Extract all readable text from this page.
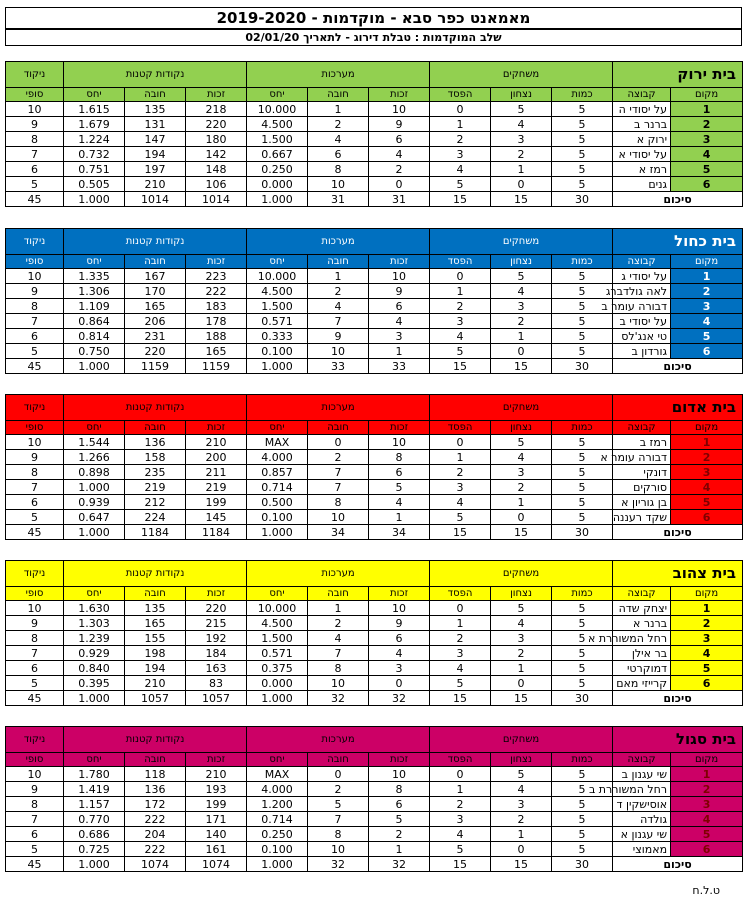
מאמאנט כפר סבא - מוקדמות - 2019-2020
שלב המוקדמות : טבלת דירוג - לתאריך 02/01/20
ניקוד	נקודות קטנות			מערכות			משחקים			בית ירוק	
סופי	יחס	חובה	זכות	יחס	חובה	זכות	הפסד	נצחון	כמות	קבוצה	מקום
10	1.615	135	218	10.000	1	10	0	5	5	על יסודי ה	1
9	1.679	131	220	4.500	2	9	1	4	5	ברנר ב	2
8	1.224	147	180	1.500	4	6	2	3	5	ירוק א	3
7	0.732	194	142	0.667	6	4	3	2	5	על יסודי א	4
6	0.751	197	148	0.250	8	2	4	1	5	רמז א	5
5	0.505	210	106	0.000	10	0	5	0	5	גנים	6
45	1.000	1014	1014	1.000	31	31	15	15	30	סיכום	
ניקוד	נקודות קטנות			מערכות			משחקים			בית כחול	
סופי	יחס	חובה	זכות	יחס	חובה	זכות	הפסד	נצחון	כמות	קבוצה	מקום
10	1.335	167	223	10.000	1	10	0	5	5	על יסודי ג	1
9	1.306	170	222	4.500	2	9	1	4	5	לאה גולדברג	2
8	1.109	165	183	1.500	4	6	2	3	5	דבורה עומר ב	3
7	0.864	206	178	0.571	7	4	3	2	5	על יסודי ב	4
6	0.814	231	188	0.333	9	3	4	1	5	טי אנג'לס	5
5	0.750	220	165	0.100	10	1	5	0	5	גורדון ב	6
45	1.000	1159	1159	1.000	33	33	15	15	30	סיכום	
ניקוד	נקודות קטנות			מערכות			משחקים			בית אדום	
סופי	יחס	חובה	זכות	יחס	חובה	זכות	הפסד	נצחון	כמות	קבוצה	מקום
10	1.544	136	210	MAX	0	10	0	5	5	רמז ב	1
9	1.266	158	200	4.000	2	8	1	4	5	דבורה עומר א	2
8	0.898	235	211	0.857	7	6	2	3	5	דונקי	3
7	1.000	219	219	0.714	7	5	3	2	5	סורקים	4
6	0.939	212	199	0.500	8	4	4	1	5	בן גוריון א	5
5	0.647	224	145	0.100	10	1	5	0	5	שקד רעננה	6
45	1.000	1184	1184	1.000	34	34	15	15	30	סיכום	
ניקוד	נקודות קטנות			מערכות			משחקים			בית צהוב	
סופי	יחס	חובה	זכות	יחס	חובה	זכות	הפסד	נצחון	כמות	קבוצה	מקום
10	1.630	135	220	10.000	1	10	0	5	5	יצחק שדה	1
9	1.303	165	215	4.500	2	9	1	4	5	ברנר א	2
8	1.239	155	192	1.500	4	6	2	3	5	רחל המשוררת א	3
7	0.929	198	184	0.571	7	4	3	2	5	בר אילן	4
6	0.840	194	163	0.375	8	3	4	1	5	דמוקרטי	5
5	0.395	210	83	0.000	10	0	5	0	5	קרייזי מאם	6
45	1.000	1057	1057	1.000	32	32	15	15	30	סיכום	
ניקוד	נקודות קטנות			מערכות			משחקים			בית סגול	
סופי	יחס	חובה	זכות	יחס	חובה	זכות	הפסד	נצחון	כמות	קבוצה	מקום
10	1.780	118	210	MAX	0	10	0	5	5	שי עגנון ב	1
9	1.419	136	193	4.000	2	8	1	4	5	רחל המשוררת ב	2
8	1.157	172	199	1.200	5	6	2	3	5	אוסישקין ד	3
7	0.770	222	171	0.714	7	5	3	2	5	גולדה	4
6	0.686	204	140	0.250	8	2	4	1	5	שי עגנון א	5
5	0.725	222	161	0.100	10	1	5	0	5	מאמוצי	6
45	1.000	1074	1074	1.000	32	32	15	15	30	סיכום	
ט.ל.ח
